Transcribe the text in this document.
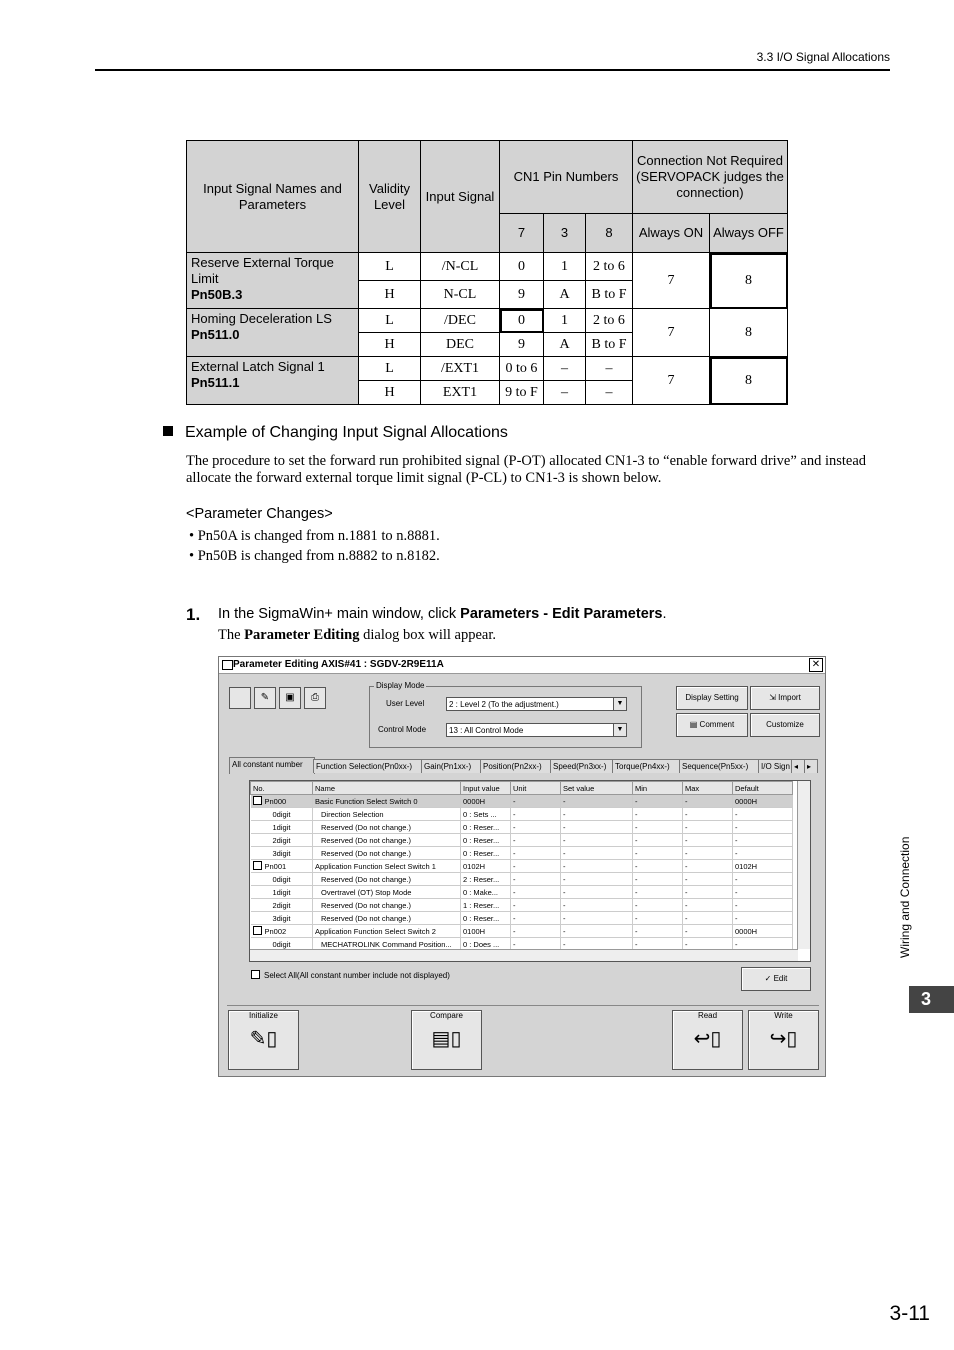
3.3 I/O Signal Allocations
Input Signal Names and Parameters	Validity Level	Input Signal	CN1 Pin Numbers			Connection Not Required (SERVOPACK judges the connection)	
			7	3	8	Always ON	Always OFF
Reserve External Torque Limit
Pn50B.3	L	/N-CL	0	1	2 to 6	7	8
	H	N-CL	9	A	B to F		
Homing Deceleration LS
Pn511.0	L	/DEC	0	1	2 to 6	7	8
	H	DEC	9	A	B to F		
External Latch Signal 1
Pn511.1	L	/EXT1	0 to 6	–	–	7	8
	H	EXT1	9 to F	–	–		
Example of Changing Input Signal Allocations
The procedure to set the forward run prohibited signal (P-OT) allocated CN1-3 to “enable forward drive” and instead allocate the forward external torque limit signal (P-CL) to CN1-3 is shown below.
<Parameter Changes>
• Pn50A is changed from n.1881 to n.8881.
• Pn50B is changed from n.8882 to n.8182.
1. In the SigmaWin+ main window, click Parameters - Edit Parameters.
The Parameter Editing dialog box will appear.
Parameter Editing AXIS#41 : SGDV-2R9E11A	✕
✎	▣	⎙
Display Mode
User Level	2 : Level 2 (To the adjustment.)	▼
Control Mode	13 : All Control Mode	▼
Display Setting	⇲ Import
▤ Comment	Customize
All constant number	Function Selection(Pn0xx-)	Gain(Pn1xx-)	Position(Pn2xx-)	Speed(Pn3xx-)	Torque(Pn4xx-)	Sequence(Pn5xx-)	I/O Sign ◂	▸
No.	Name	Input value	Unit	Set value	Min	Max	Default
Pn000	Basic Function Select Switch 0	0000H	-	-	-	-	0000H
0digit	Direction Selection	0 : Sets ...	-	-	-	-	-
1digit	Reserved (Do not change.)	0 : Reser...	-	-	-	-	-
2digit	Reserved (Do not change.)	0 : Reser...	-	-	-	-	-
3digit	Reserved (Do not change.)	0 : Reser...	-	-	-	-	-
Pn001	Application Function Select Switch 1	0102H	-	-	-	-	0102H
0digit	Reserved (Do not change.)	2 : Reser...	-	-	-	-	-
1digit	Overtravel (OT) Stop Mode	0 : Make...	-	-	-	-	-
2digit	Reserved (Do not change.)	1 : Reser...	-	-	-	-	-
3digit	Reserved (Do not change.)	0 : Reser...	-	-	-	-	-
Pn002	Application Function Select Switch 2	0100H	-	-	-	-	0000H
0digit	MECHATROLINK Command Position...	0 : Does ...	-	-	-	-	-
Select All(All constant number include not displayed)	✓ Edit
Initialize
✎▯
Compare
▤▯
Read
↩▯
Write
↪▯
Wiring and Connection
3
3-11
